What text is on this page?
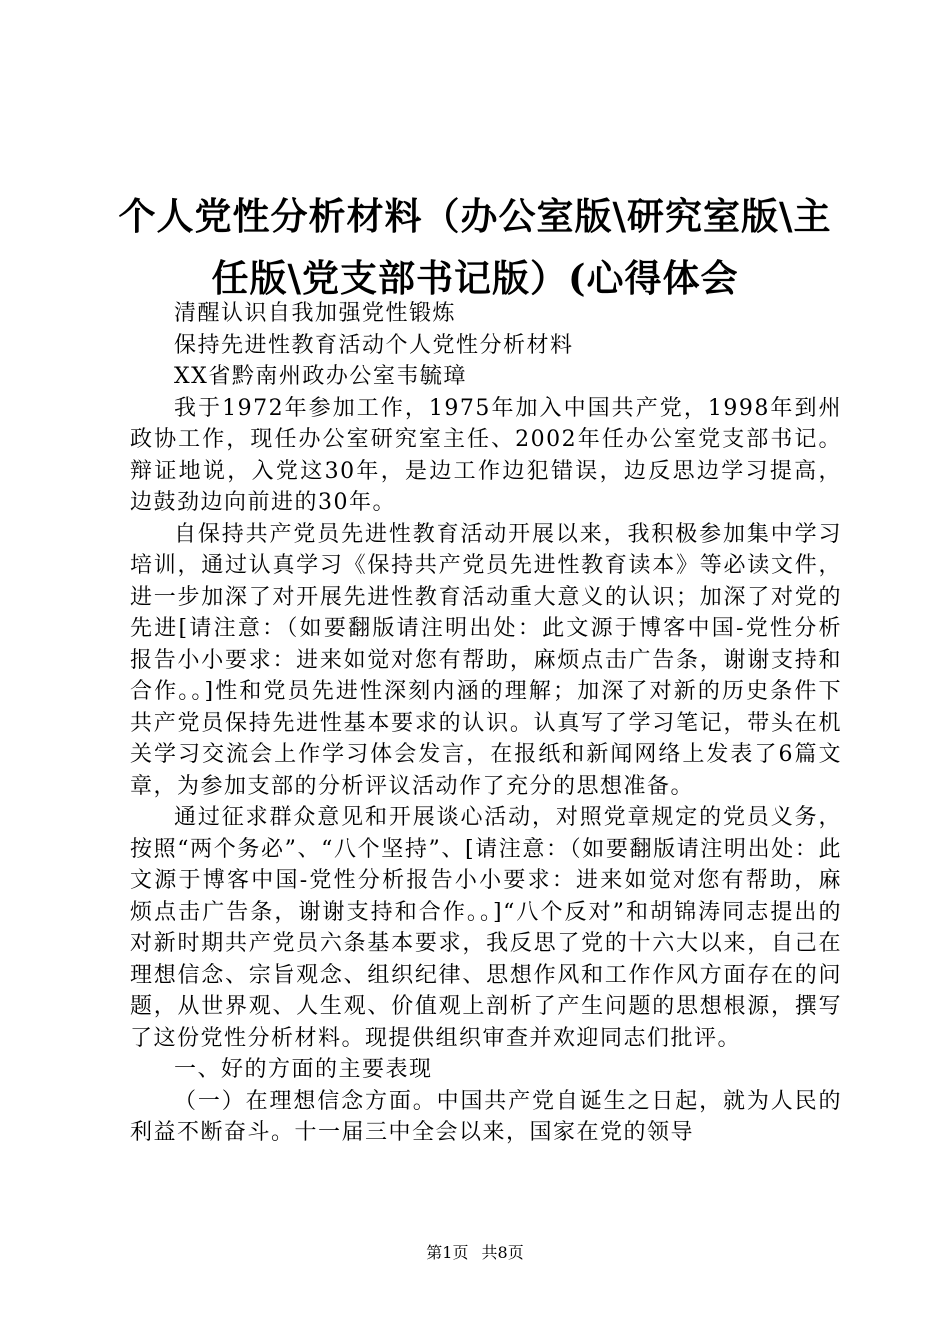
个人党性分析材料（办公室版\研究室版\主任版\党支部书记版）(心得体会

清醒认识自我加强党性锻炼

保持先进性教育活动个人党性分析材料

XX省黔南州政办公室韦毓璋

我于1972年参加工作，1975年加入中国共产党，1998年到州政协工作，现任办公室研究室主任、2002年任办公室党支部书记。辩证地说，入党这30年，是边工作边犯错误，边反思边学习提高，边鼓劲边向前进的30年。

自保持共产党员先进性教育活动开展以来，我积极参加集中学习培训，通过认真学习《保持共产党员先进性教育读本》等必读文件，进一步加深了对开展先进性教育活动重大意义的认识；加深了对党的先进[请注意：（如要翻版请注明出处：此文源于博客中国-党性分析报告小小要求：进来如觉对您有帮助，麻烦点击广告条，谢谢支持和合作。。]性和党员先进性深刻内涵的理解；加深了对新的历史条件下共产党员保持先进性基本要求的认识。认真写了学习笔记，带头在机关学习交流会上作学习体会发言，在报纸和新闻网络上发表了6篇文章，为参加支部的分析评议活动作了充分的思想准备。

通过征求群众意见和开展谈心活动，对照党章规定的党员义务，按照“两个务必”、“八个坚持”、[请注意：（如要翻版请注明出处：此文源于博客中国-党性分析报告小小要求：进来如觉对您有帮助，麻烦点击广告条，谢谢支持和合作。。]“八个反对”和胡锦涛同志提出的对新时期共产党员六条基本要求，我反思了党的十六大以来，自己在理想信念、宗旨观念、组织纪律、思想作风和工作作风方面存在的问题，从世界观、人生观、价值观上剖析了产生问题的思想根源，撰写了这份党性分析材料。现提供组织审查并欢迎同志们批评。

一、好的方面的主要表现

（一）在理想信念方面。中国共产党自诞生之日起，就为人民的利益不断奋斗。十一届三中全会以来，国家在党的领导

第1页 共8页
